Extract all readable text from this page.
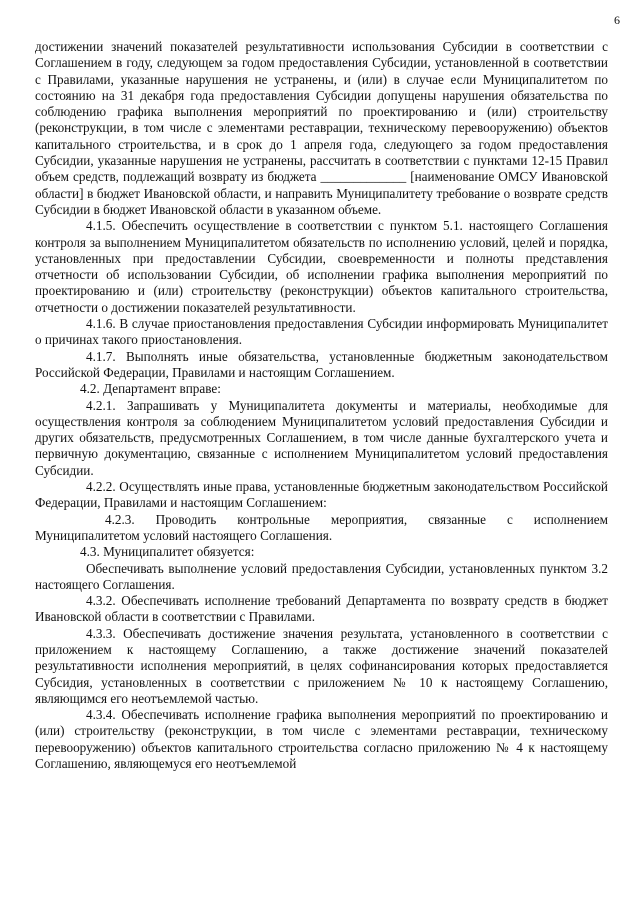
6

достижении значений показателей результативности использования Субсидии в соответствии с Соглашением в году, следующем за годом предоставления Субсидии, установленной в соответствии с Правилами, указанные нарушения не устранены, и (или) в случае если Муниципалитетом по состоянию на 31 декабря года предоставления Субсидии допущены нарушения обязательства по соблюдению графика выполнения мероприятий по проектированию и (или) строительству (реконструкции, в том числе с элементами реставрации, техническому перевооружению) объектов капитального строительства, и в срок до 1 апреля года, следующего за годом предоставления Субсидии, указанные нарушения не устранены, рассчитать в соответствии с пунктами 12-15 Правил объем средств, подлежащий возврату из бюджета _____________ [наименование ОМСУ Ивановской области] в бюджет Ивановской области, и направить Муниципалитету требование о возврате средств Субсидии в бюджет Ивановской области в указанном объеме.

4.1.5. Обеспечить осуществление в соответствии с пунктом 5.1. настоящего Соглашения контроля за выполнением Муниципалитетом обязательств по исполнению условий, целей и порядка, установленных при предоставлении Субсидии, своевременности и полноты представления отчетности об использовании Субсидии, об исполнении графика выполнения мероприятий по проектированию и (или) строительству (реконструкции) объектов капитального строительства, отчетности о достижении показателей результативности.

4.1.6. В случае приостановления предоставления Субсидии информировать Муниципалитет о причинах такого приостановления.

4.1.7. Выполнять иные обязательства, установленные бюджетным законодательством Российской Федерации, Правилами и настоящим Соглашением.

4.2. Департамент вправе:

4.2.1. Запрашивать у Муниципалитета документы и материалы, необходимые для осуществления контроля за соблюдением Муниципалитетом условий предоставления Субсидии и других обязательств, предусмотренных Соглашением, в том числе данные бухгалтерского учета и первичную документацию, связанные с исполнением Муниципалитетом условий предоставления Субсидии.

4.2.2. Осуществлять иные права, установленные бюджетным законодательством Российской Федерации, Правилами и настоящим Соглашением:

4.2.3. Проводить контрольные мероприятия, связанные с исполнением Муниципалитетом условий настоящего Соглашения.

4.3. Муниципалитет обязуется:

Обеспечивать выполнение условий предоставления Субсидии, установленных пунктом 3.2 настоящего Соглашения.

4.3.2. Обеспечивать исполнение требований Департамента по возврату средств в бюджет Ивановской области в соответствии с Правилами.

4.3.3. Обеспечивать достижение значения результата, установленного в соответствии с приложением к настоящему Соглашению, а также достижение значений показателей результативности исполнения мероприятий, в целях софинансирования которых предоставляется Субсидия, установленных в соответствии с приложением № 10 к настоящему Соглашению, являющимся его неотъемлемой частью.

4.3.4. Обеспечивать исполнение графика выполнения мероприятий по проектированию и (или) строительству (реконструкции, в том числе с элементами реставрации, техническому перевооружению) объектов капитального строительства согласно приложению № 4 к настоящему Соглашению, являющемуся его неотъемлемой
